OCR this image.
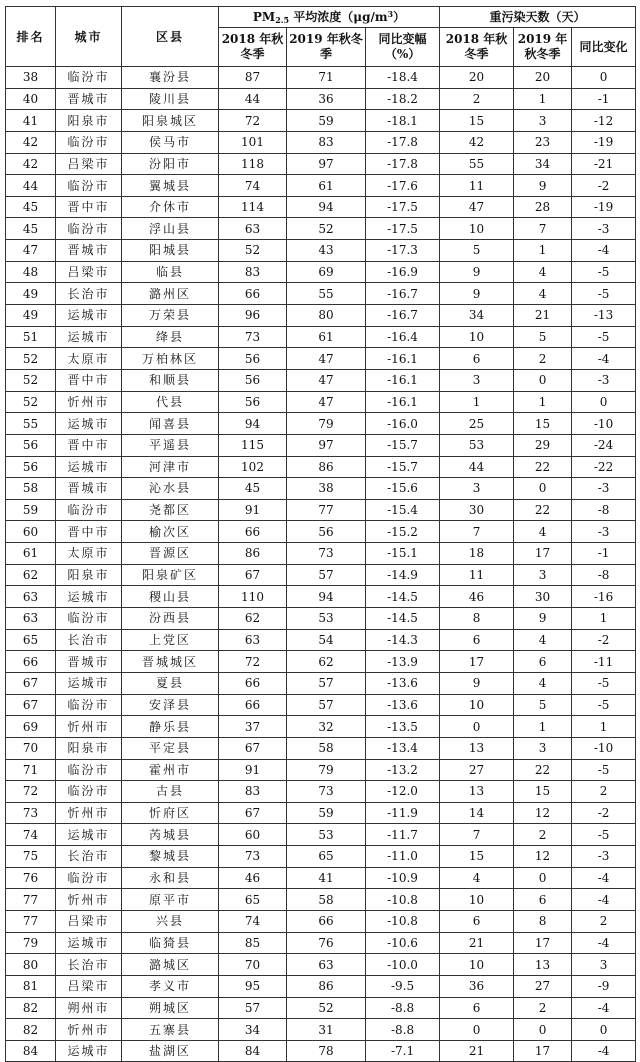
排名	城市	区县	$PM_{2.5}$ 平均浓度$(\mu g/m^3)$			重污染天数（天）		
			2018 年秋冬季	2019 年秋冬季	同比变幅（%）	2018 年秋冬季	2019 年秋冬季	同比变化
38	临汾市	襄汾县	87	71	-18.4	20	20	0
40	晋城市	陵川县	44	36	-18.2	2	1	-1
41	阳泉市	阳泉城区	72	59	-18.1	15	3	-12
42	临汾市	侯马市	101	83	-17.8	42	23	-19
42	吕梁市	汾阳市	118	97	-17.8	55	34	-21
44	临汾市	翼城县	74	61	-17.6	11	9	-2
45	晋中市	介休市	114	94	-17.5	47	28	-19
45	临汾市	浮山县	63	52	-17.5	10	7	-3
47	晋城市	阳城县	52	43	-17.3	5	1	-4
48	吕梁市	临县	83	69	-16.9	9	4	-5
49	长治市	潞州区	66	55	-16.7	9	4	-5
49	运城市	万荣县	96	80	-16.7	34	21	-13
51	运城市	绛县	73	61	-16.4	10	5	-5
52	太原市	万柏林区	56	47	-16.1	6	2	-4
52	晋中市	和顺县	56	47	-16.1	3	0	-3
52	忻州市	代县	56	47	-16.1	1	1	0
55	运城市	闻喜县	94	79	-16.0	25	15	-10
56	晋中市	平遥县	115	97	-15.7	53	29	-24
56	运城市	河津市	102	86	-15.7	44	22	-22
58	晋城市	沁水县	45	38	-15.6	3	0	-3
59	临汾市	尧都区	91	77	-15.4	30	22	-8
60	晋中市	榆次区	66	56	-15.2	7	4	-3
61	太原市	晋源区	86	73	-15.1	18	17	-1
62	阳泉市	阳泉矿区	67	57	-14.9	11	3	-8
63	运城市	稷山县	110	94	-14.5	46	30	-16
63	临汾市	汾西县	62	53	-14.5	8	9	1
65	长治市	上党区	63	54	-14.3	6	4	-2
66	晋城市	晋城城区	72	62	-13.9	17	6	-11
67	运城市	夏县	66	57	-13.6	9	4	-5
67	临汾市	安泽县	66	57	-13.6	10	5	-5
69	忻州市	静乐县	37	32	-13.5	0	1	1
70	阳泉市	平定县	67	58	-13.4	13	3	-10
71	临汾市	霍州市	91	79	-13.2	27	22	-5
72	临汾市	古县	83	73	-12.0	13	15	2
73	忻州市	忻府区	67	59	-11.9	14	12	-2
74	运城市	芮城县	60	53	-11.7	7	2	-5
75	长治市	黎城县	73	65	-11.0	15	12	-3
76	临汾市	永和县	46	41	-10.9	4	0	-4
77	忻州市	原平市	65	58	-10.8	10	6	-4
77	吕梁市	兴县	74	66	-10.8	6	8	2
79	运城市	临猗县	85	76	-10.6	21	17	-4
80	长治市	潞城区	70	63	-10.0	10	13	3
81	吕梁市	孝义市	95	86	-9.5	36	27	-9
82	朔州市	朔城区	57	52	-8.8	6	2	-4
82	忻州市	五寨县	34	31	-8.8	0	0	0
84	运城市	盐湖区	84	78	-7.1	21	17	-4
